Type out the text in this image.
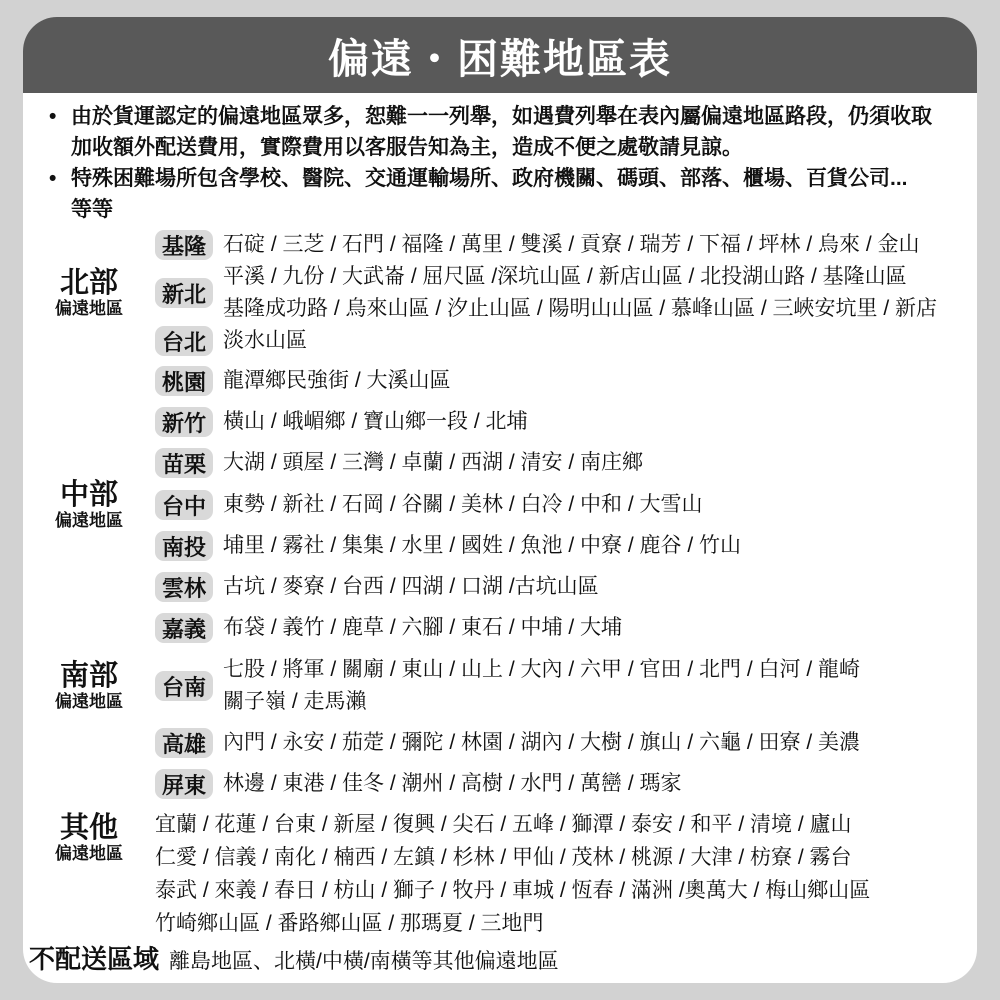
偏遠・困難地區表
• 由於貨運認定的偏遠地區眾多，恕難一一列舉，如遇費列舉在表內屬偏遠地區路段，仍須收取
加收額外配送費用，實際費用以客服告知為主，造成不便之處敬請見諒。
• 特殊困難場所包含學校、醫院、交通運輸場所、政府機關、碼頭、部落、櫃場、百貨公司...
等等
北部
偏遠地區
基隆 石碇 / 三芝 / 石門 / 福隆 / 萬里 / 雙溪 / 貢寮 / 瑞芳 / 下福 / 坪林 / 烏來 / 金山
新北
平溪 / 九份 / 大武崙 / 屈尺區 /深坑山區 / 新店山區 / 北投湖山路 / 基隆山區
基隆成功路 / 烏來山區 / 汐止山區 / 陽明山山區 / 慕峰山區 / 三峽安坑里 / 新店
台北 淡水山區
桃園 龍潭鄉民強街 / 大溪山區
新竹 橫山 / 峨嵋鄉 / 寶山鄉一段 / 北埔
苗栗 大湖 / 頭屋 / 三灣 / 卓蘭 / 西湖 / 清安 / 南庄鄉
中部
偏遠地區
台中 東勢 / 新社 / 石岡 / 谷關 / 美林 / 白冷 / 中和 / 大雪山
南投 埔里 / 霧社 / 集集 / 水里 / 國姓 / 魚池 / 中寮 / 鹿谷 / 竹山
雲林 古坑 / 麥寮 / 台西 / 四湖 / 口湖 /古坑山區
嘉義 布袋 / 義竹 / 鹿草 / 六腳 / 東石 / 中埔 / 大埔
南部
偏遠地區
台南
七股 / 將軍 / 關廟 / 東山 / 山上 / 大內 / 六甲 / 官田 / 北門 / 白河 / 龍崎
關子嶺 / 走馬瀨
高雄 內門 / 永安 / 茄萣 / 彌陀 / 林園 / 湖內 / 大樹 / 旗山 / 六龜 / 田寮 / 美濃
屏東 林邊 / 東港 / 佳冬 / 潮州 / 高樹 / 水門 / 萬巒 / 瑪家
其他
偏遠地區
宜蘭 / 花蓮 / 台東 / 新屋 / 復興 / 尖石 / 五峰 / 獅潭 / 泰安 / 和平 / 清境 / 廬山
仁愛 / 信義 / 南化 / 楠西 / 左鎮 / 杉林 / 甲仙 / 茂林 / 桃源 / 大津 / 枋寮 / 霧台
泰武 / 來義 / 春日 / 枋山 / 獅子 / 牧丹 / 車城 / 恆春 / 滿洲 /奧萬大 / 梅山鄉山區
竹崎鄉山區 / 番路鄉山區 / 那瑪夏 / 三地門
不配送區域 離島地區、北橫/中橫/南橫等其他偏遠地區
